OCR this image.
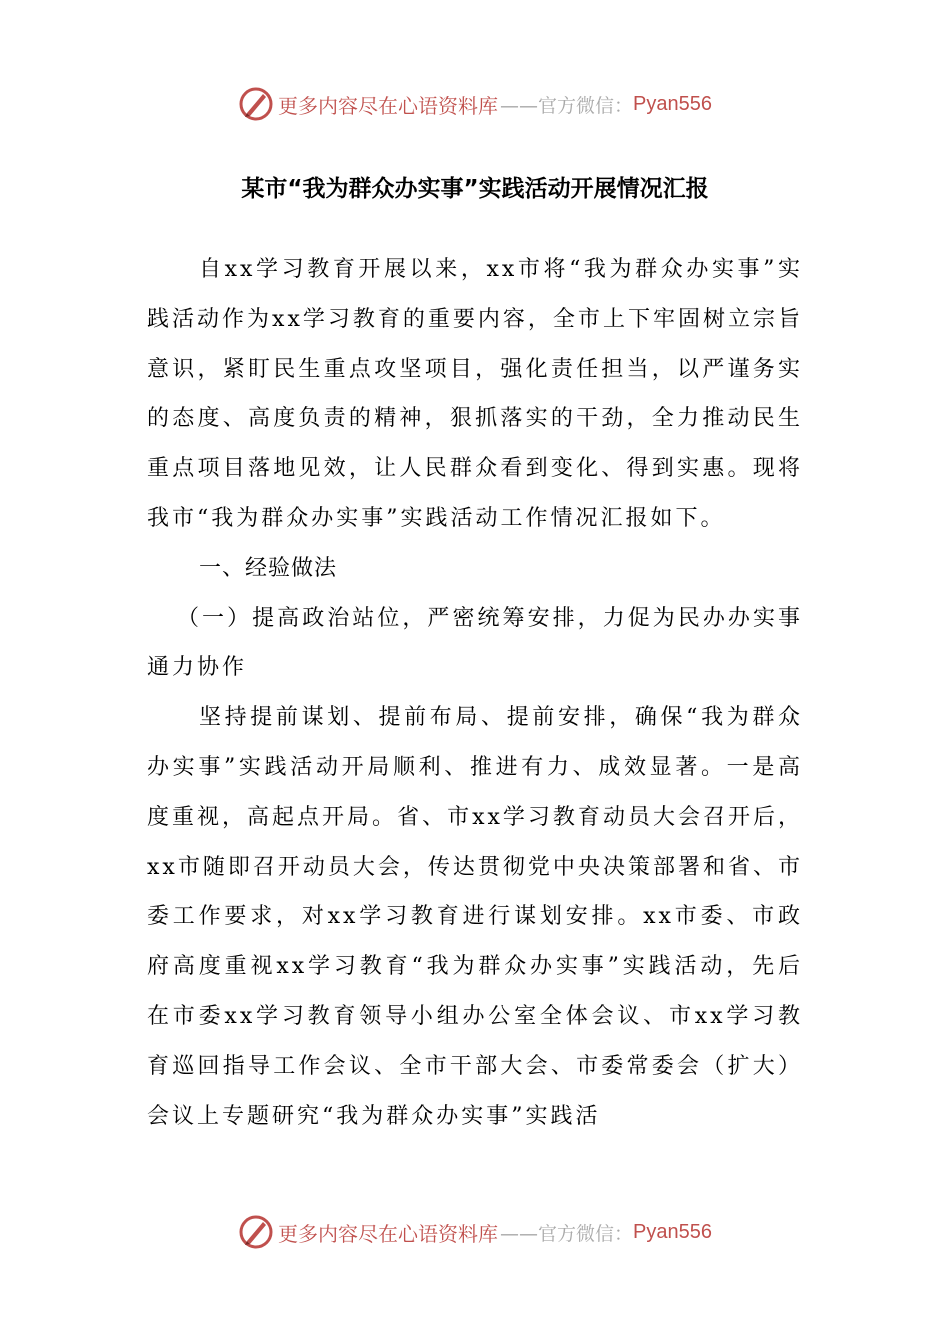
更多内容尽在心语资料库 ——官方微信： Pyan556
某市“我为群众办实事”实践活动开展情况汇报

自xx学习教育开展以来，xx市将“我为群众办实事”实践活动作为xx学习教育的重要内容，全市上下牢固树立宗旨意识，紧盯民生重点攻坚项目，强化责任担当，以严谨务实的态度、高度负责的精神，狠抓落实的干劲，全力推动民生重点项目落地见效，让人民群众看到变化、得到实惠。现将我市“我为群众办实事”实践活动工作情况汇报如下。

一、经验做法

（一）提高政治站位，严密统筹安排，力促为民办办实事通力协作

坚持提前谋划、提前布局、提前安排，确保“我为群众办实事”实践活动开局顺利、推进有力、成效显著。一是高度重视，高起点开局。省、市xx学习教育动员大会召开后，xx市随即召开动员大会，传达贯彻党中央决策部署和省、市委工作要求，对xx学习教育进行谋划安排。xx市委、市政府高度重视xx学习教育“我为群众办实事”实践活动，先后在市委xx学习教育领导小组办公室全体会议、市xx学习教育巡回指导工作会议、全市干部大会、市委常委会（扩大）会议上专题研究“我为群众办实事”实践活

更多内容尽在心语资料库 ——官方微信： Pyan556
